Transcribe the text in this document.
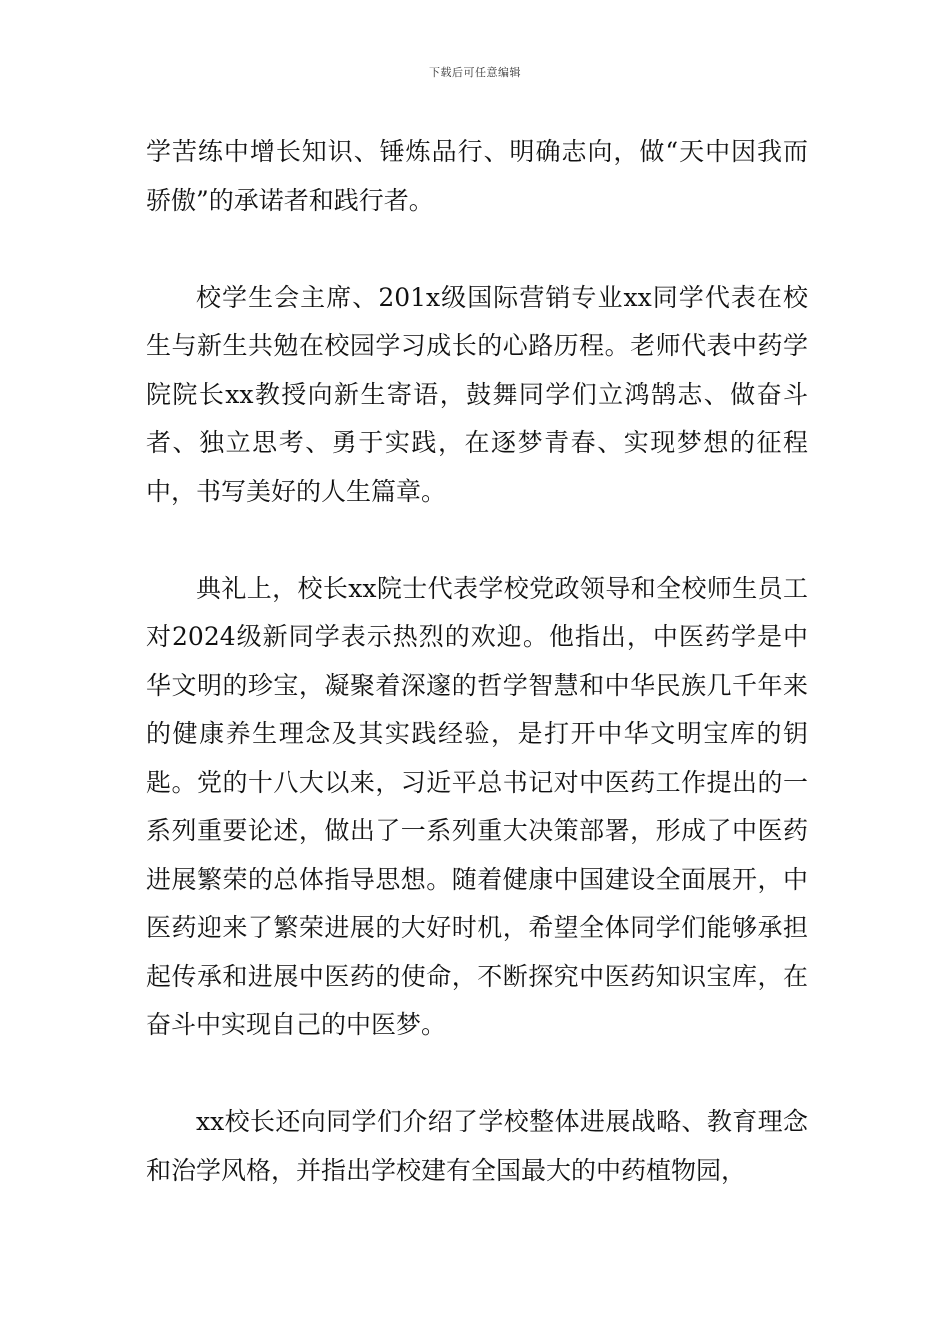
下载后可任意编辑

学苦练中增长知识、锤炼品行、明确志向，做“天中因我而骄傲”的承诺者和践行者。

校学生会主席、201x级国际营销专业xx同学代表在校生与新生共勉在校园学习成长的心路历程。老师代表中药学院院长xx教授向新生寄语，鼓舞同学们立鸿鹄志、做奋斗者、独立思考、勇于实践，在逐梦青春、实现梦想的征程中，书写美好的人生篇章。

典礼上，校长xx院士代表学校党政领导和全校师生员工对2024级新同学表示热烈的欢迎。他指出，中医药学是中华文明的珍宝，凝聚着深邃的哲学智慧和中华民族几千年来的健康养生理念及其实践经验，是打开中华文明宝库的钥匙。党的十八大以来，习近平总书记对中医药工作提出的一系列重要论述，做出了一系列重大决策部署，形成了中医药进展繁荣的总体指导思想。随着健康中国建设全面展开，中医药迎来了繁荣进展的大好时机，希望全体同学们能够承担起传承和进展中医药的使命，不断探究中医药知识宝库，在奋斗中实现自己的中医梦。

xx校长还向同学们介绍了学校整体进展战略、教育理念和治学风格，并指出学校建有全国最大的中药植物园，
